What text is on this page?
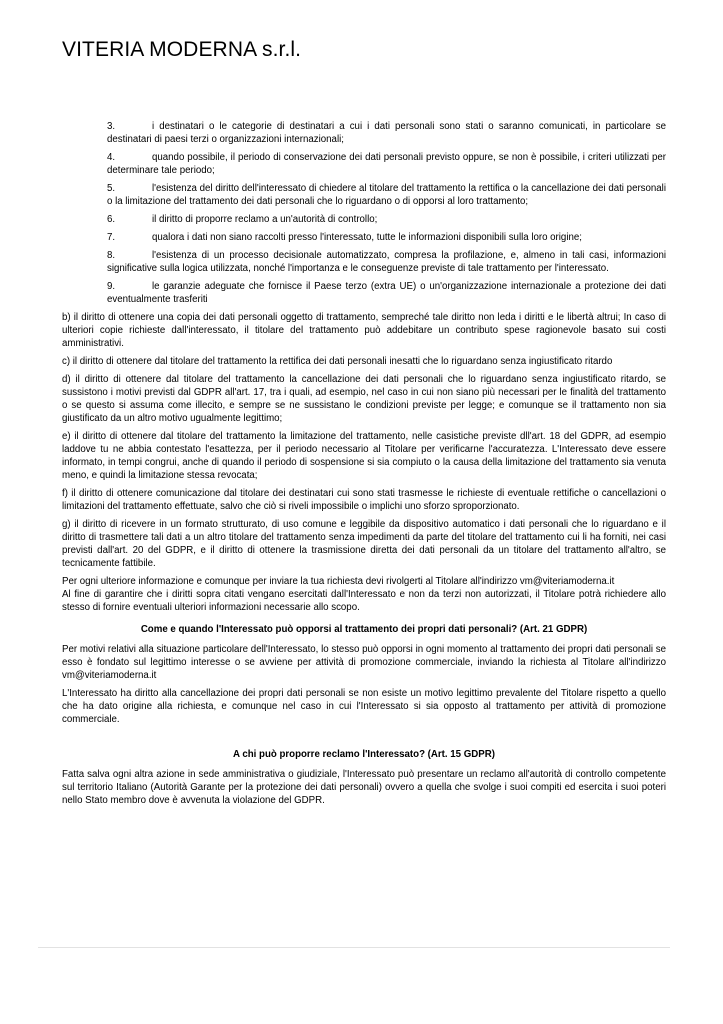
VITERIA MODERNA s.r.l.

3.	i destinatari o le categorie di destinatari a cui i dati personali sono stati o saranno comunicati, in particolare se destinatari di paesi terzi o organizzazioni internazionali;

4.	quando possibile, il periodo di conservazione dei dati personali previsto oppure, se non è possibile, i criteri utilizzati per determinare tale periodo;

5.	l'esistenza del diritto dell'interessato di chiedere al titolare del trattamento la rettifica o la cancellazione dei dati personali o la limitazione del trattamento dei dati personali che lo riguardano o di opporsi al loro trattamento;

6.	il diritto di proporre reclamo a un'autorità di controllo;

7.	qualora i dati non siano raccolti presso l'interessato, tutte le informazioni disponibili sulla loro origine;

8.	l'esistenza di un processo decisionale automatizzato, compresa la profilazione, e, almeno in tali casi, informazioni significative sulla logica utilizzata, nonché l'importanza e le conseguenze previste di tale trattamento per l'interessato.

9.	le garanzie adeguate che fornisce il Paese terzo (extra UE) o un'organizzazione internazionale a protezione dei dati eventualmente trasferiti

b) il diritto di ottenere una copia dei dati personali oggetto di trattamento, sempreché tale diritto non leda i diritti e le libertà altrui; In caso di ulteriori copie richieste dall'interessato, il titolare del trattamento può addebitare un contributo spese ragionevole basato sui costi amministrativi.

c) il diritto di ottenere dal titolare del trattamento la rettifica dei dati personali inesatti che lo riguardano senza ingiustificato ritardo

d) il diritto di ottenere dal titolare del trattamento la cancellazione dei dati personali che lo riguardano senza ingiustificato ritardo, se sussistono i motivi previsti dal GDPR all'art. 17, tra i quali, ad esempio, nel caso in cui non siano più necessari per le finalità del trattamento o se questo si assuma come illecito, e sempre se ne sussistano le condizioni previste per legge; e comunque se il trattamento non sia giustificato da un altro motivo ugualmente legittimo;

e) il diritto di ottenere dal titolare del trattamento la limitazione del trattamento, nelle casistiche previste dll'art. 18 del GDPR, ad esempio laddove tu ne abbia contestato l'esattezza, per il periodo necessario al Titolare per verificarne l'accuratezza. L'Interessato deve essere informato, in tempi congrui, anche di quando il periodo di sospensione si sia compiuto o la causa della limitazione del trattamento sia venuta meno, e quindi la limitazione stessa revocata;

f) il diritto di ottenere comunicazione dal titolare dei destinatari cui sono stati trasmesse le richieste di eventuale rettifiche o cancellazioni o limitazioni del trattamento effettuate, salvo che ciò si riveli impossibile o implichi uno sforzo sproporzionato.

g) il diritto di ricevere in un formato strutturato, di uso comune e leggibile da dispositivo automatico i dati personali che lo riguardano e il diritto di trasmettere tali dati a un altro titolare del trattamento senza impedimenti da parte del titolare del trattamento cui li ha forniti, nei casi previsti dall'art. 20 del GDPR, e il diritto di ottenere la trasmissione diretta dei dati personali da un titolare del trattamento all'altro, se tecnicamente fattibile.

Per ogni ulteriore informazione e comunque per inviare la tua richiesta devi rivolgerti al Titolare all'indirizzo vm@viteriamoderna.it

Al fine di garantire che i diritti sopra citati vengano esercitati dall'Interessato e non da terzi non autorizzati, il Titolare potrà richiedere allo stesso di fornire eventuali ulteriori informazioni necessarie allo scopo.

Come e quando l'Interessato può opporsi al trattamento dei propri dati personali? (Art. 21 GDPR)

Per motivi relativi alla situazione particolare dell'Interessato, lo stesso può opporsi in ogni momento al trattamento dei propri dati personali se esso è fondato sul legittimo interesse o se avviene per attività di promozione commerciale, inviando la richiesta al Titolare all'indirizzo vm@viteriamoderna.it

L'Interessato ha diritto alla cancellazione dei propri dati personali se non esiste un motivo legittimo prevalente del Titolare rispetto a quello che ha dato origine alla richiesta, e comunque nel caso in cui l'Interessato si sia opposto al trattamento per attività di promozione commerciale.

A chi può proporre reclamo l'Interessato? (Art. 15 GDPR)

Fatta salva ogni altra azione in sede amministrativa o giudiziale, l'Interessato può presentare un reclamo all'autorità di controllo competente sul territorio Italiano (Autorità Garante per la protezione dei dati personali) ovvero a quella che svolge i suoi compiti ed esercita i suoi poteri nello Stato membro dove è avvenuta la violazione del GDPR.
